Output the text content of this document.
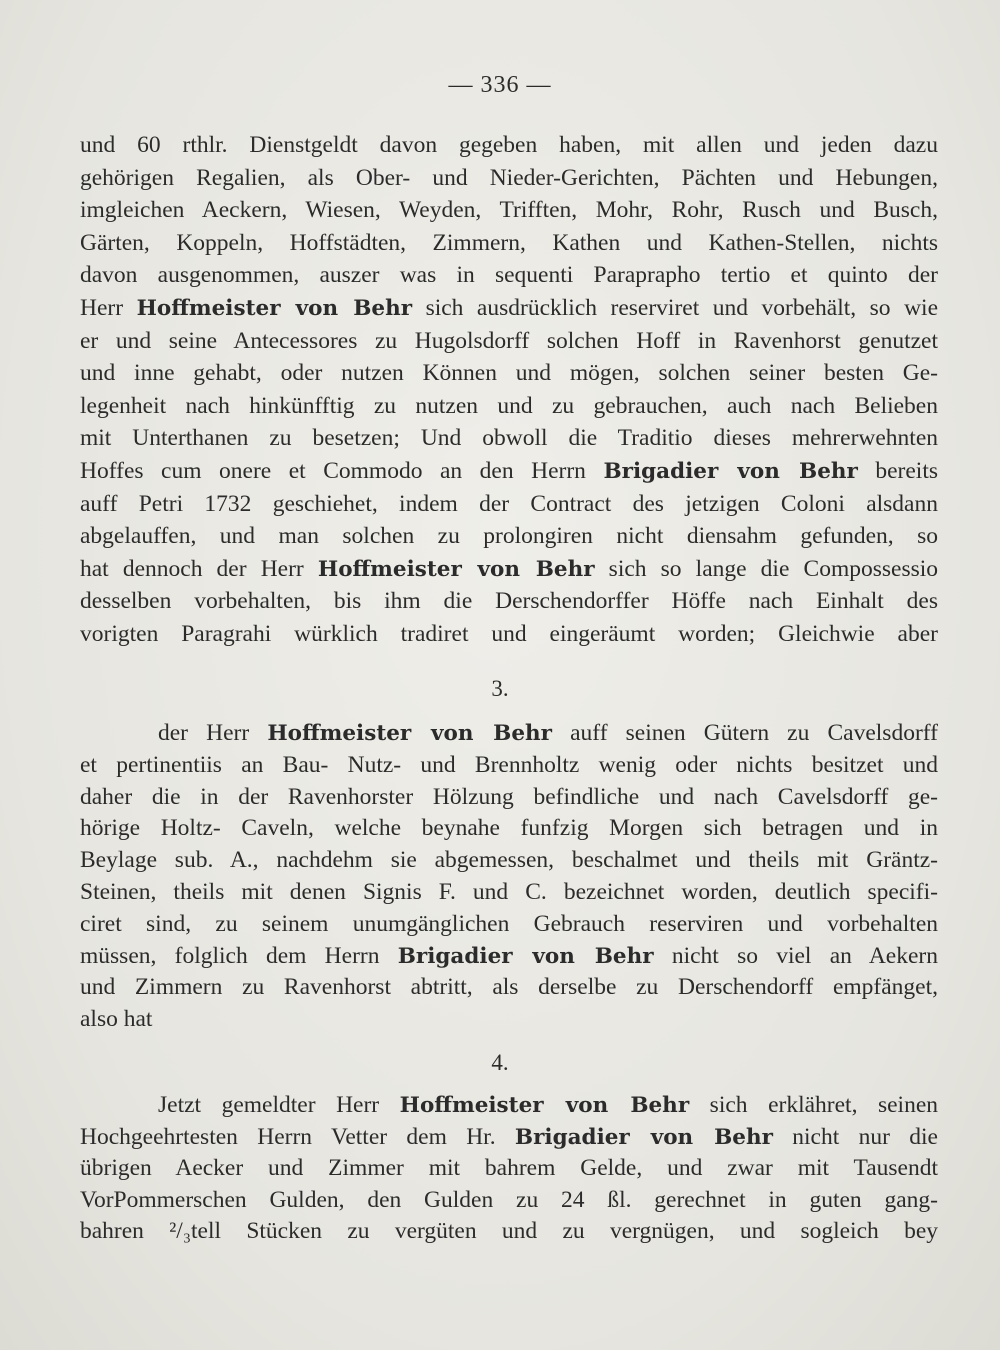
— 336 —
und 60 rthlr. Dienstgeldt davon gegeben haben, mit allen und jeden dazu
gehörigen Regalien, als Ober- und Nieder-Gerichten, Pächten und Hebungen,
imgleichen Aeckern, Wiesen, Weyden, Trifften, Mohr, Rohr, Rusch und Busch,
Gärten, Koppeln, Hoffstädten, Zimmern, Kathen und Kathen-Stellen, nichts
davon ausgenommen, auszer was in sequenti Paraprapho tertio et quinto der
Herr Hoffmeister von Behr sich ausdrücklich reserviret und vorbehält, so wie
er und seine Antecessores zu Hugolsdorff solchen Hoff in Ravenhorst genutzet
und inne gehabt, oder nutzen Können und mögen, solchen seiner besten Ge-
legenheit nach hinkünfftig zu nutzen und zu gebrauchen, auch nach Belieben
mit Unterthanen zu besetzen; Und obwoll die Traditio dieses mehrerwehnten
Hoffes cum onere et Commodo an den Herrn Brigadier von Behr bereits
auff Petri 1732 geschiehet, indem der Contract des jetzigen Coloni alsdann
abgelauffen, und man solchen zu prolongiren nicht diensahm gefunden, so
hat dennoch der Herr Hoffmeister von Behr sich so lange die Compossessio
desselben vorbehalten, bis ihm die Derschendorffer Höffe nach Einhalt des
vorigten Paragrahi würklich tradiret und eingeräumt worden; Gleichwie aber
3.
der Herr Hoffmeister von Behr auff seinen Gütern zu Cavelsdorff
et pertinentiis an Bau- Nutz- und Brennholtz wenig oder nichts besitzet und
daher die in der Ravenhorster Hölzung befindliche und nach Cavelsdorff ge-
hörige Holtz- Caveln, welche beynahe funfzig Morgen sich betragen und in
Beylage sub. A., nachdehm sie abgemessen, beschalmet und theils mit Gräntz-
Steinen, theils mit denen Signis F. und C. bezeichnet worden, deutlich specifi-
ciret sind, zu seinem unumgänglichen Gebrauch reserviren und vorbehalten
müssen, folglich dem Herrn Brigadier von Behr nicht so viel an Aekern
und Zimmern zu Ravenhorst abtritt, als derselbe zu Derschendorff empfänget,
also hat
4.
Jetzt gemeldter Herr Hoffmeister von Behr sich erklähret, seinen
Hochgeehrtesten Herrn Vetter dem Hr. Brigadier von Behr nicht nur die
übrigen Aecker und Zimmer mit bahrem Gelde, und zwar mit Tausendt
VorPommerschen Gulden, den Gulden zu 24 ßl. gerechnet in guten gang-
bahren ²/₃tell Stücken zu vergüten und zu vergnügen, und sogleich bey
